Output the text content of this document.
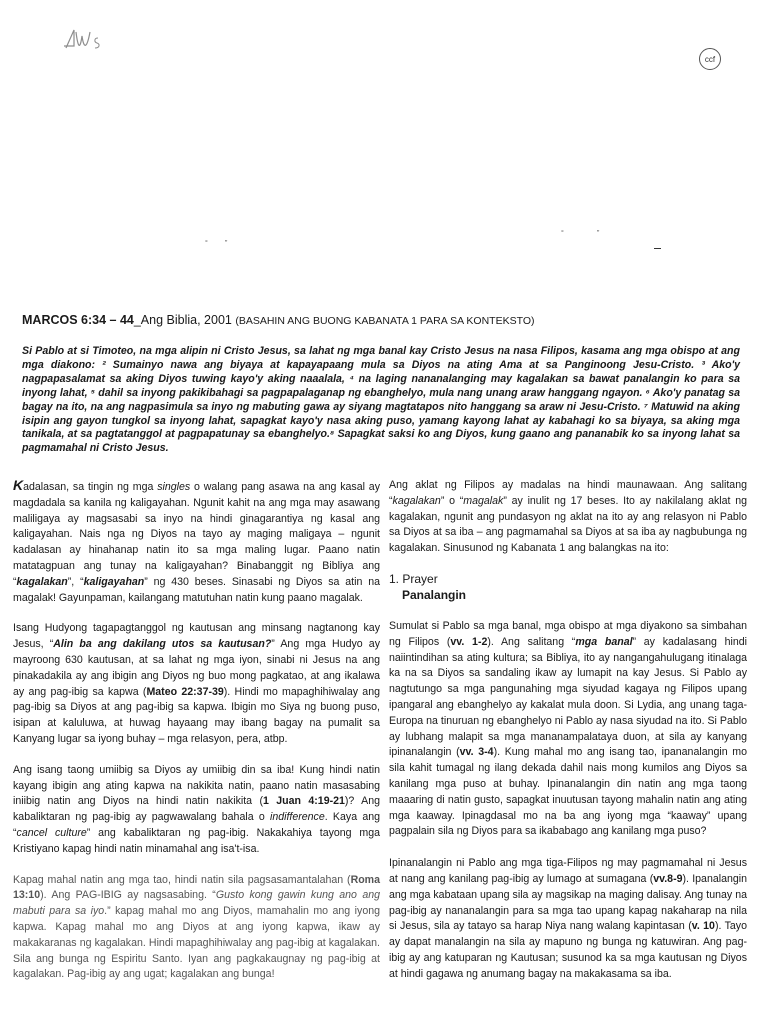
ccf
° ”
°	”
MARCOS 6:34 – 44_Ang Biblia, 2001 (BASAHIN ANG BUONG KABANATA 1 PARA SA KONTEKSTO)
Si Pablo at si Timoteo, na mga alipin ni Cristo Jesus, sa lahat ng mga banal kay Cristo Jesus na nasa Filipos, kasama ang mga obispo at ang mga diakono: ² Sumainyo nawa ang biyaya at kapayapaang mula sa Diyos na ating Ama at sa Panginoong Jesu-Cristo. ³ Ako'y nagpapasalamat sa aking Diyos tuwing kayo'y aking naaalala, ⁴ na laging nananalanging may kagalakan sa bawat panalangin ko para sa inyong lahat, ⁵ dahil sa inyong pakikibahagi sa pagpapalaganap ng ebanghelyo, mula nang unang araw hanggang ngayon. ⁶ Ako'y panatag sa bagay na ito, na ang nagpasimula sa inyo ng mabuting gawa ay siyang magtatapos nito hanggang sa araw ni Jesu-Cristo. ⁷ Matuwid na aking isipin ang gayon tungkol sa inyong lahat, sapagkat kayo'y nasa aking puso, yamang kayong lahat ay kabahagi ko sa biyaya, sa aking mga tanikala, at sa pagtatanggol at pagpapatunay sa ebanghelyo.⁸ Sapagkat saksi ko ang Diyos, kung gaano ang pananabik ko sa inyong lahat sa pagmamahal ni Cristo Jesus.

Kadalasan, sa tingin ng mga singles o walang pang asawa na ang kasal ay magdadala sa kanila ng kaligayahan. Ngunit kahit na ang mga may asawang maliligaya ay magsasabi sa inyo na hindi ginagarantiya ng kasal ang kaligayahan. Nais nga ng Diyos na tayo ay maging maligaya – ngunit kadalasan ay hinahanap natin ito sa mga maling lugar. Paano natin matatagpuan ang tunay na kaligayahan? Binabanggit ng Bibliya ang “kagalakan”, “kaligayahan” ng 430 beses. Sinasabi ng Diyos sa atin na magalak! Gayunpaman, kailangang matutuhan natin kung paano magalak.

Isang Hudyong tagapagtanggol ng kautusan ang minsang nagtanong kay Jesus, “Alin ba ang dakilang utos sa kautusan?” Ang mga Hudyo ay mayroong 630 kautusan, at sa lahat ng mga iyon, sinabi ni Jesus na ang pinakadakila ay ang ibigin ang Diyos ng buo mong pagkatao, at ang ikalawa ay ang pag-ibig sa kapwa (Mateo 22:37-39). Hindi mo mapaghihiwalay ang pag-ibig sa Diyos at ang pag-ibig sa kapwa. Ibigin mo Siya ng buong puso, isipan at kaluluwa, at huwag hayaang may ibang bagay na pumalit sa Kanyang lugar sa iyong buhay – mga relasyon, pera, atbp.

Ang isang taong umiibig sa Diyos ay umiibig din sa iba! Kung hindi natin kayang ibigin ang ating kapwa na nakikita natin, paano natin masasabing iniibig natin ang Diyos na hindi natin nakikita (1 Juan 4:19-21)? Ang kabaliktaran ng pag-ibig ay pagwawalang bahala o indifference. Kaya ang “cancel culture” ang kabaliktaran ng pag-ibig. Nakakahiya tayong mga Kristiyano kapag hindi natin minamahal ang isa't-isa.

Kapag mahal natin ang mga tao, hindi natin sila pagsasamantalahan (Roma 13:10). Ang PAG-IBIG ay nagsasabing. “Gusto kong gawin kung ano ang mabuti para sa iyo.” kapag mahal mo ang Diyos, mamahalin mo ang iyong kapwa. Kapag mahal mo ang Diyos at ang iyong kapwa, ikaw ay makakaranas ng kagalakan. Hindi mapaghihiwalay ang pag-ibig at kagalakan. Sila ang bunga ng Espiritu Santo. Iyan ang pagkakaugnay ng pag-ibig at kagalakan. Pag-ibig ay ang ugat; kagalakan ang bunga!

Ang aklat ng Filipos ay madalas na hindi maunawaan. Ang salitang “kagalakan” o “magalak” ay inulit ng 17 beses. Ito ay nakilalang aklat ng kagalakan, ngunit ang pundasyon ng aklat na ito ay ang relasyon ni Pablo sa Diyos at sa iba – ang pagmamahal sa Diyos at sa iba ay nagbubunga ng kagalakan. Sinusunod ng Kabanata 1 ang balangkas na ito:

1. Prayer
Panalangin

Sumulat si Pablo sa mga banal, mga obispo at mga diyakono sa simbahan ng Filipos (vv. 1-2). Ang salitang “mga banal” ay kadalasang hindi naiintindihan sa ating kultura; sa Bibliya, ito ay nangangahulugang itinalaga ka na sa Diyos sa sandaling ikaw ay lumapit na kay Jesus. Si Pablo ay nagtutungo sa mga pangunahing mga siyudad kagaya ng Filipos upang ipangaral ang ebanghelyo ay kakalat mula doon. Si Lydia, ang unang taga-Europa na tinuruan ng ebanghelyo ni Pablo ay nasa siyudad na ito. Si Pablo ay lubhang malapit sa mga mananampalataya duon, at sila ay kanyang ipinanalangin (vv. 3-4). Kung mahal mo ang isang tao, ipananalangin mo sila kahit tumagal ng ilang dekada dahil nais mong kumilos ang Diyos sa kanilang mga puso at buhay. Ipinanalangin din natin ang mga taong maaaring di natin gusto, sapagkat inuutusan tayong mahalin natin ang ating mga kaaway. Ipinagdasal mo na ba ang iyong mga “kaaway” upang pagpalain sila ng Diyos para sa ikababago ang kanilang mga puso?

Ipinanalangin ni Pablo ang mga tiga-Filipos ng may pagmamahal ni Jesus at nang ang kanilang pag-ibig ay lumago at sumagana (vv.8-9). Ipanalangin ang mga kabataan upang sila ay magsikap na maging dalisay. Ang tunay na pag-ibig ay nananalangin para sa mga tao upang kapag nakaharap na nila si Jesus, sila ay tatayo sa harap Niya nang walang kapintasan (v. 10). Tayo ay dapat manalangin na sila ay mapuno ng bunga ng katuwiran. Ang pag-ibig ay ang katuparan ng Kautusan; susunod ka sa mga kautusan ng Diyos at hindi gagawa ng anumang bagay na makakasama sa iba.
